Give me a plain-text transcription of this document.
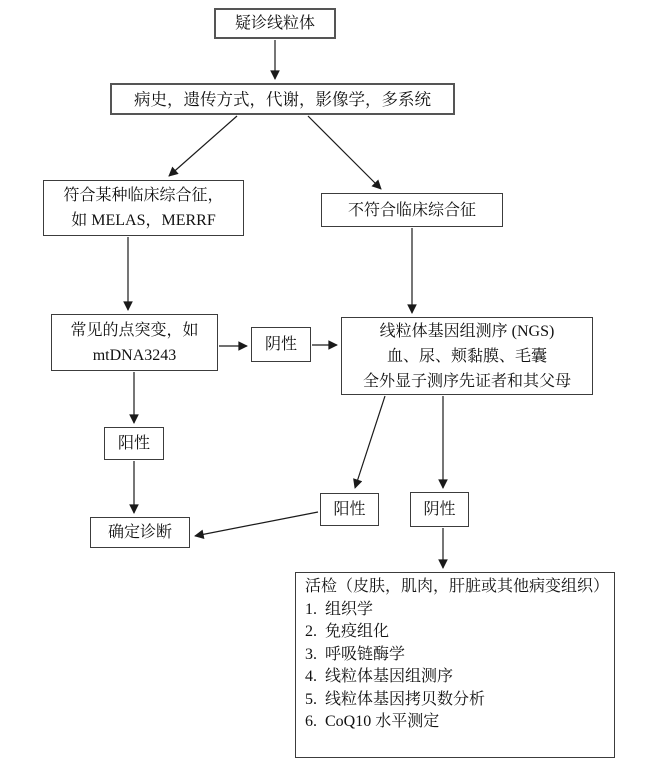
疑诊线粒体
病史，遗传方式，代谢，影像学，多系统
符合某种临床综合征，
如 MELAS，MERRF
不符合临床综合征
常见的点突变，如
mtDNA3243
阴性
线粒体基因组测序 (NGS)
血、尿、颊黏膜、毛囊
全外显子测序先证者和其父母
阳性
确定诊断
阳性	阴性
活检（皮肤，肌肉，肝脏或其他病变组织）
1.  组织学
2.  免疫组化
3.  呼吸链酶学
4.  线粒体基因组测序
5.  线粒体基因拷贝数分析
6.  CoQ10 水平测定
